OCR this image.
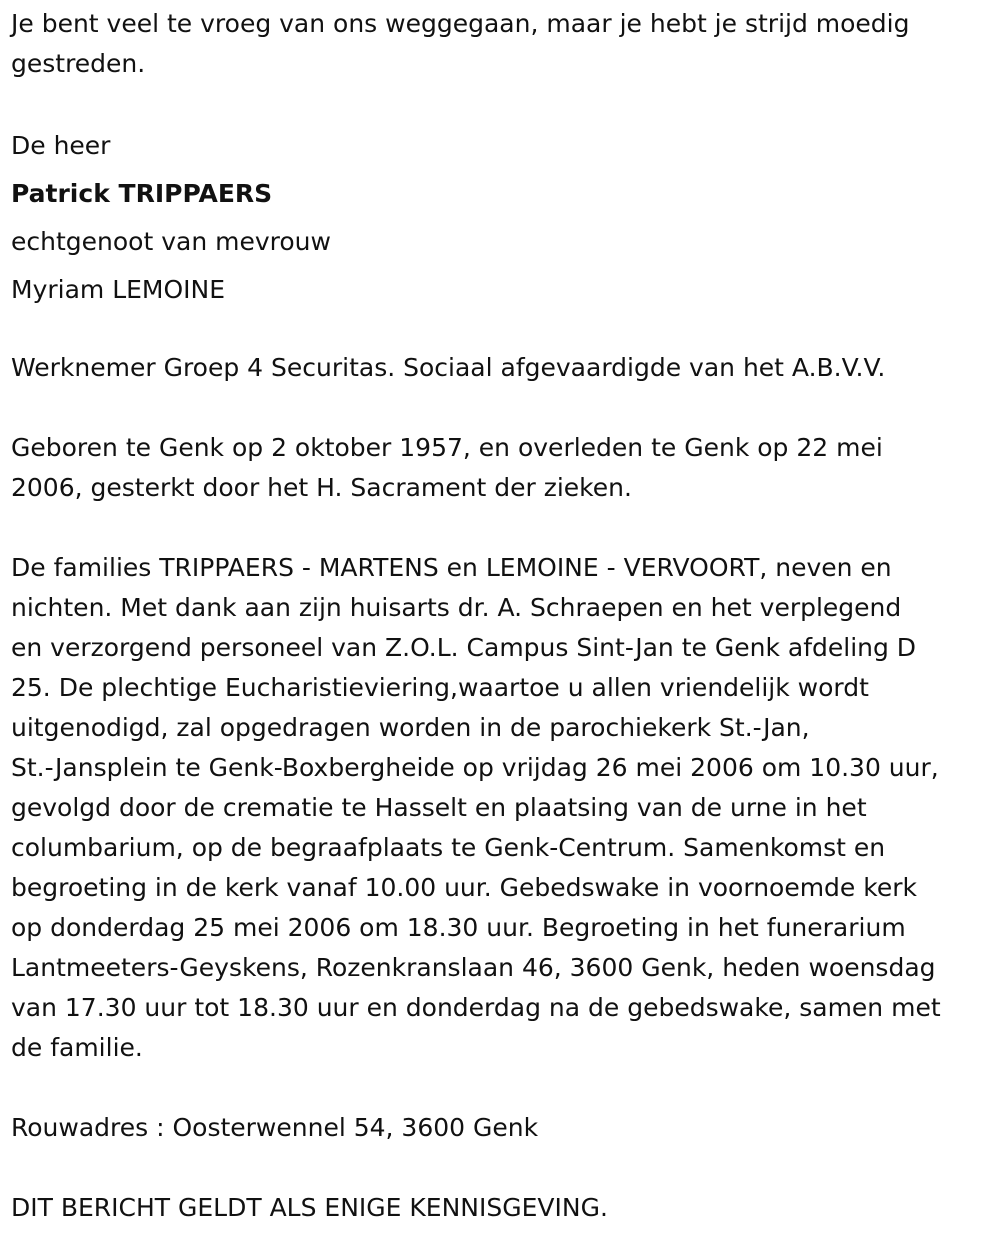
Je bent veel te vroeg van ons weggegaan, maar je hebt je strijd moedig
gestreden.

De heer
Patrick TRIPPAERS
echtgenoot van mevrouw
Myriam LEMOINE

Werknemer Groep 4 Securitas. Sociaal afgevaardigde van het A.B.V.V.

Geboren te Genk op 2 oktober 1957, en overleden te Genk op 22 mei
2006, gesterkt door het H. Sacrament der zieken.

De families TRIPPAERS - MARTENS en LEMOINE - VERVOORT, neven en
nichten. Met dank aan zijn huisarts dr. A. Schraepen en het verplegend
en verzorgend personeel van Z.O.L. Campus Sint-Jan te Genk afdeling D
25. De plechtige Eucharistieviering,waartoe u allen vriendelijk wordt
uitgenodigd, zal opgedragen worden in de parochiekerk St.-Jan,
St.-Jansplein te Genk-Boxbergheide op vrijdag 26 mei 2006 om 10.30 uur,
gevolgd door de crematie te Hasselt en plaatsing van de urne in het
columbarium, op de begraafplaats te Genk-Centrum. Samenkomst en
begroeting in de kerk vanaf 10.00 uur. Gebedswake in voornoemde kerk
op donderdag 25 mei 2006 om 18.30 uur. Begroeting in het funerarium
Lantmeeters-Geyskens, Rozenkranslaan 46, 3600 Genk, heden woensdag
van 17.30 uur tot 18.30 uur en donderdag na de gebedswake, samen met
de familie.

Rouwadres : Oosterwennel 54, 3600 Genk

DIT BERICHT GELDT ALS ENIGE KENNISGEVING.
